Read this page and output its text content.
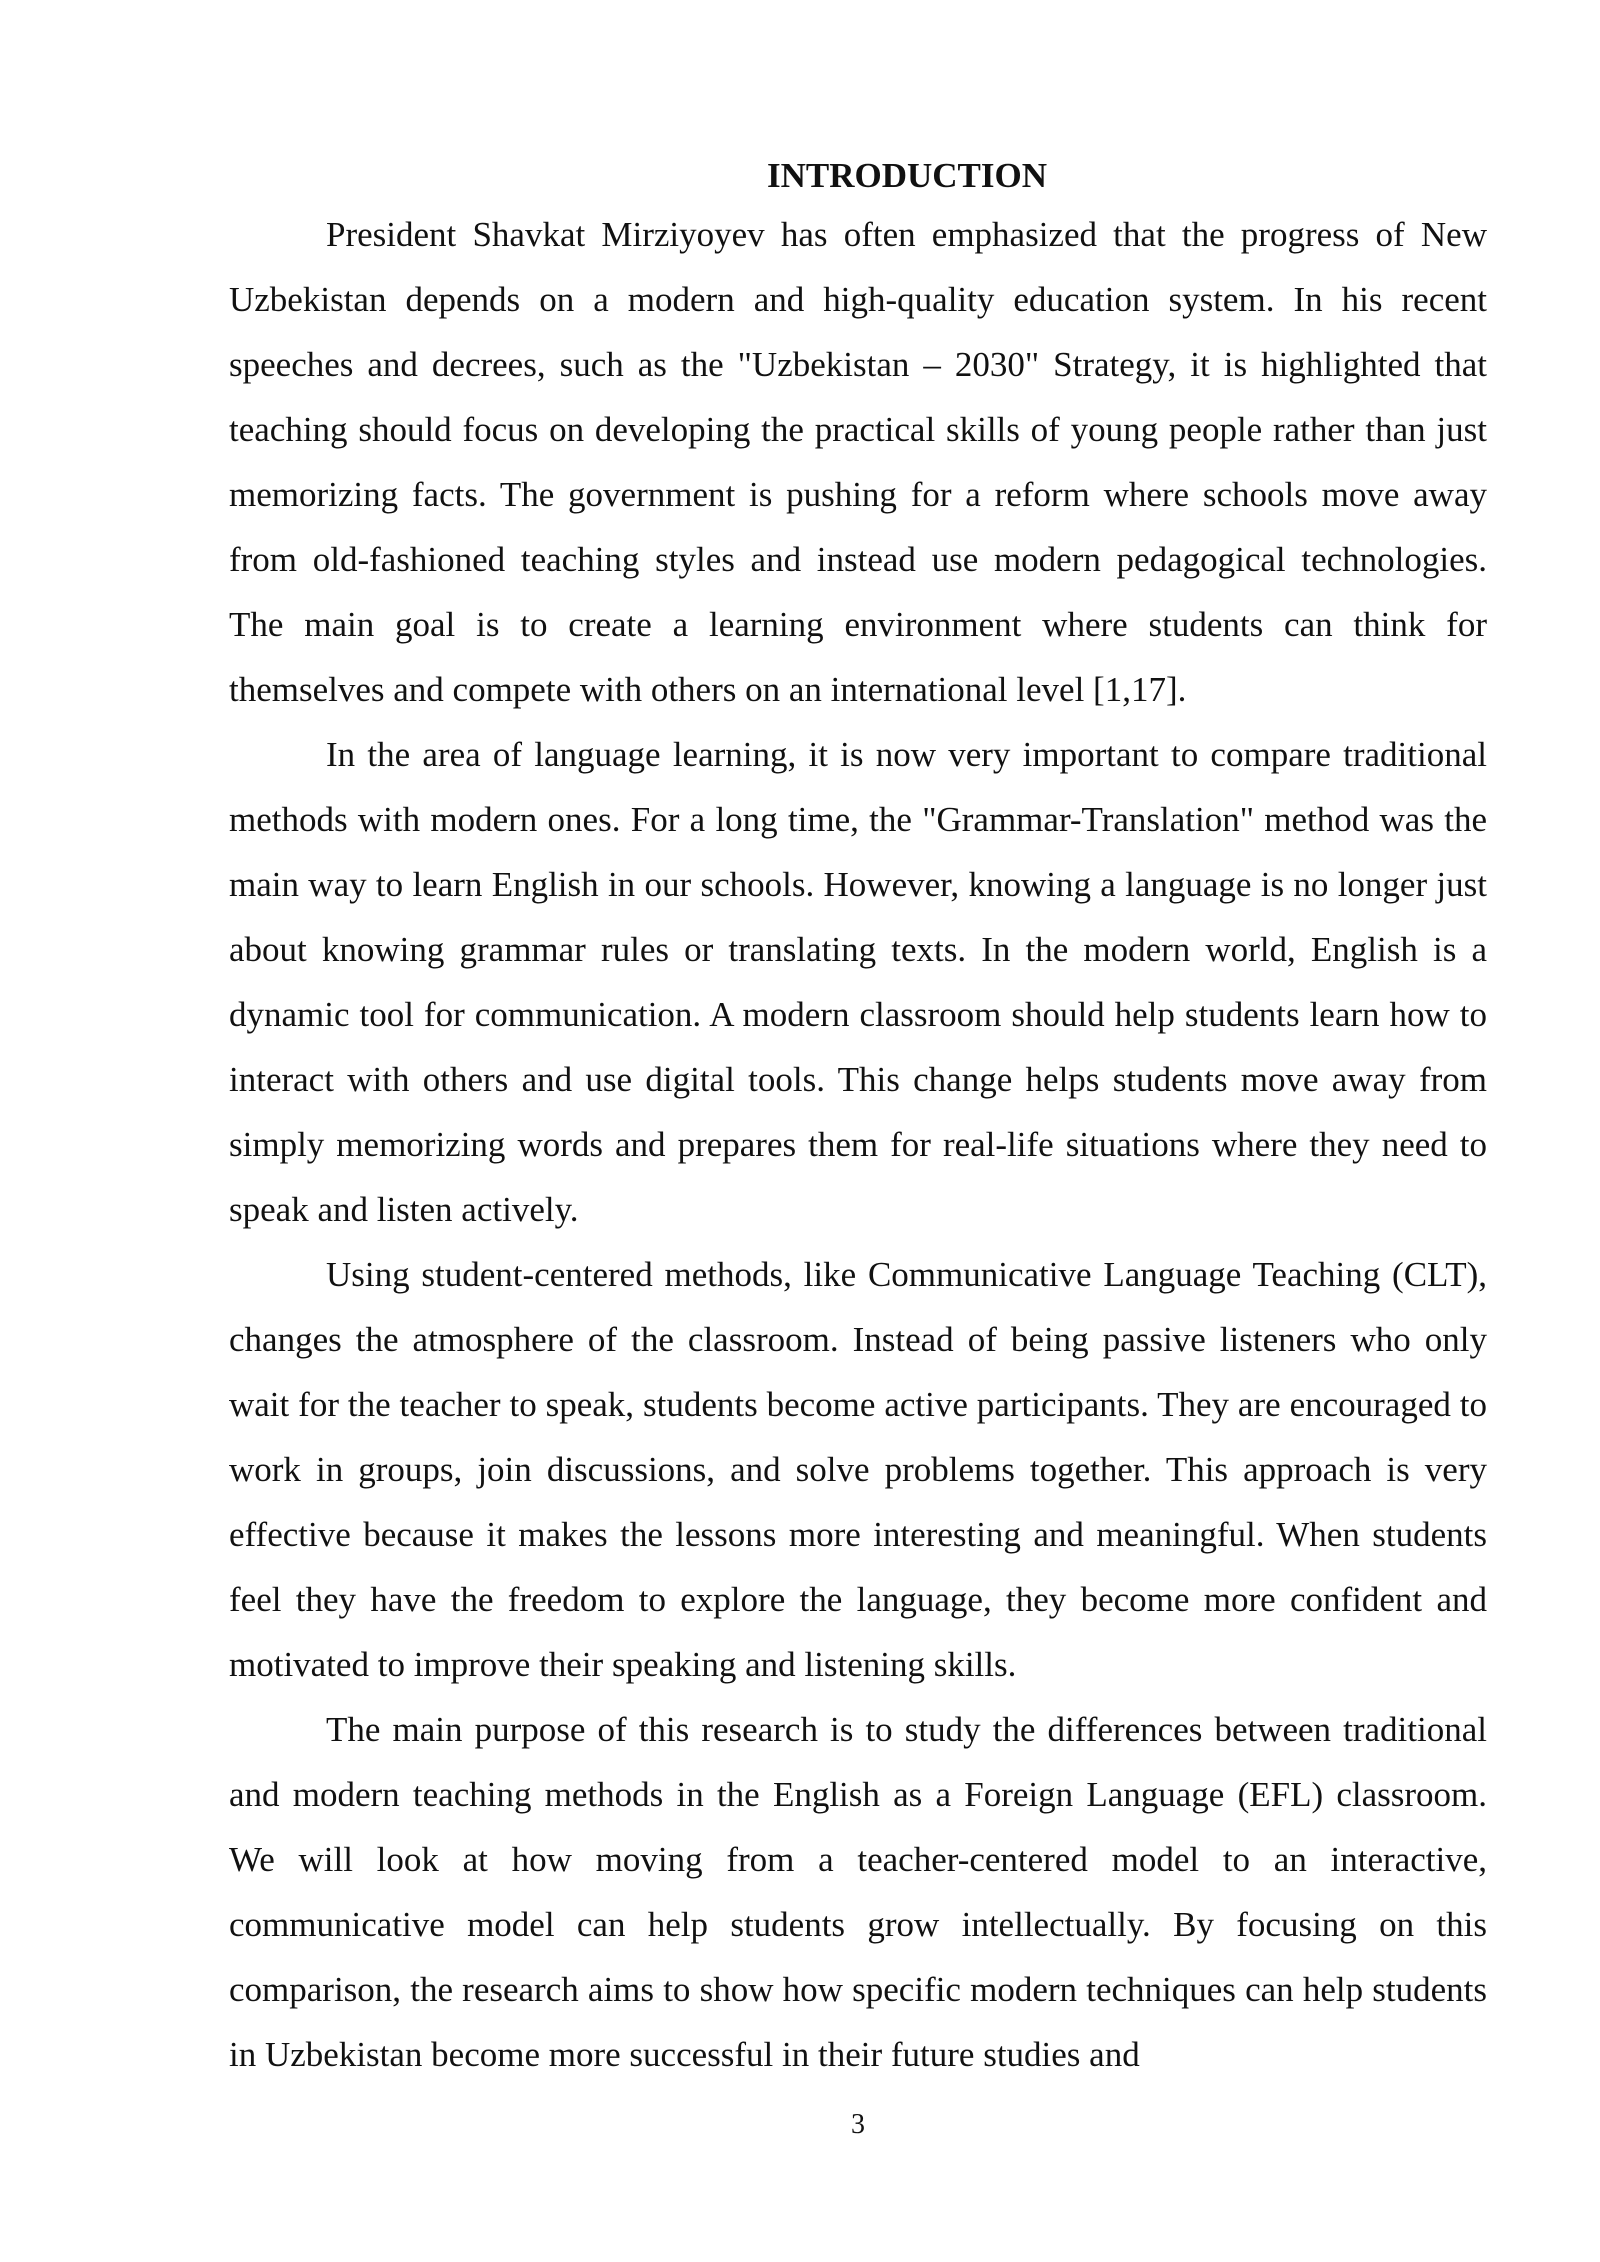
INTRODUCTION

President Shavkat Mirziyoyev has often emphasized that the progress of New Uzbekistan depends on a modern and high-quality education system. In his recent speeches and decrees, such as the "Uzbekistan – 2030" Strategy, it is highlighted that teaching should focus on developing the practical skills of young people rather than just memorizing facts. The government is pushing for a reform where schools move away from old-fashioned teaching styles and instead use modern pedagogical technologies. The main goal is to create a learning environment where students can think for themselves and compete with others on an international level [1,17].

In the area of language learning, it is now very important to compare traditional methods with modern ones. For a long time, the "Grammar-Translation" method was the main way to learn English in our schools. However, knowing a language is no longer just about knowing grammar rules or translating texts. In the modern world, English is a dynamic tool for communication. A modern classroom should help students learn how to interact with others and use digital tools. This change helps students move away from simply memorizing words and prepares them for real-life situations where they need to speak and listen actively.

Using student-centered methods, like Communicative Language Teaching (CLT), changes the atmosphere of the classroom. Instead of being passive listeners who only wait for the teacher to speak, students become active participants. They are encouraged to work in groups, join discussions, and solve problems together. This approach is very effective because it makes the lessons more interesting and meaningful. When students feel they have the freedom to explore the language, they become more confident and motivated to improve their speaking and listening skills.

The main purpose of this research is to study the differences between traditional and modern teaching methods in the English as a Foreign Language (EFL) classroom. We will look at how moving from a teacher-centered model to an interactive, communicative model can help students grow intellectually. By focusing on this comparison, the research aims to show how specific modern techniques can help students in Uzbekistan become more successful in their future studies and

3
